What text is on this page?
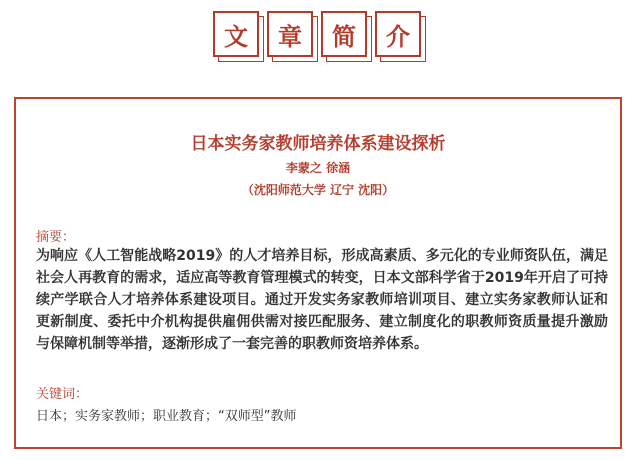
文 章 简 介
日本实务家教师培养体系建设探析
李蒙之 徐涵
（沈阳师范大学 辽宁 沈阳）
摘要：
为响应《人工智能战略2019》的人才培养目标，形成高素质、多元化的专业师资队伍，满足社会人再教育的需求，适应高等教育管理模式的转变，日本文部科学省于2019年开启了可持续产学联合人才培养体系建设项目。通过开发实务家教师培训项目、建立实务家教师认证和更新制度、委托中介机构提供雇佣供需对接匹配服务、建立制度化的职教师资质量提升激励与保障机制等举措，逐渐形成了一套完善的职教师资培养体系。
关键词：
日本；实务家教师；职业教育；“双师型”教师
